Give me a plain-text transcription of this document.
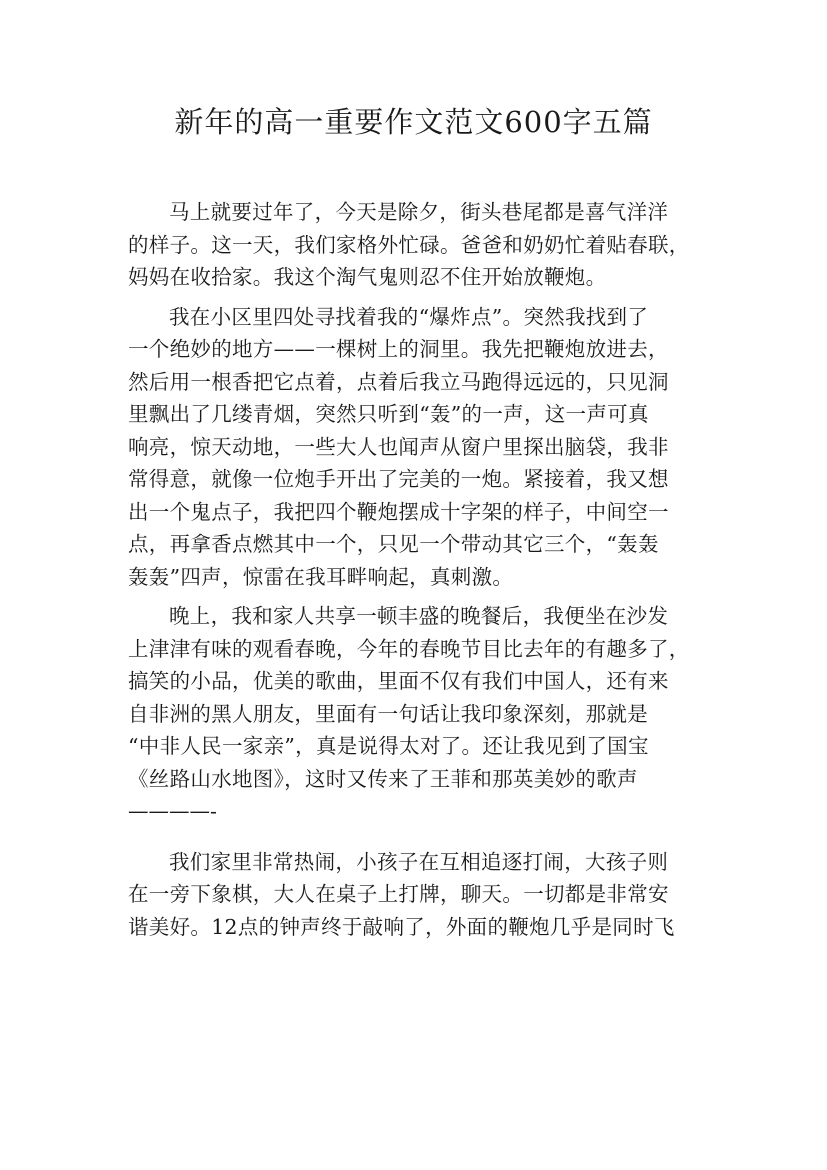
新年的高一重要作文范文600字五篇
马上就要过年了，今天是除夕，街头巷尾都是喜气洋洋
的样子。这一天，我们家格外忙碌。爸爸和奶奶忙着贴春联，
妈妈在收拾家。我这个淘气鬼则忍不住开始放鞭炮。
我在小区里四处寻找着我的“爆炸点”。突然我找到了
一个绝妙的地方——一棵树上的洞里。我先把鞭炮放进去，
然后用一根香把它点着，点着后我立马跑得远远的，只见洞
里飘出了几缕青烟，突然只听到“轰”的一声，这一声可真
响亮，惊天动地，一些大人也闻声从窗户里探出脑袋，我非
常得意，就像一位炮手开出了完美的一炮。紧接着，我又想
出一个鬼点子，我把四个鞭炮摆成十字架的样子，中间空一
点，再拿香点燃其中一个，只见一个带动其它三个，“轰轰
轰轰”四声，惊雷在我耳畔响起，真刺激。
晚上，我和家人共享一顿丰盛的晚餐后，我便坐在沙发
上津津有味的观看春晚，今年的春晚节目比去年的有趣多了，
搞笑的小品，优美的歌曲，里面不仅有我们中国人，还有来
自非洲的黑人朋友，里面有一句话让我印象深刻，那就是
“中非人民一家亲”，真是说得太对了。还让我见到了国宝
《丝路山水地图》，这时又传来了王菲和那英美妙的歌声
————-
我们家里非常热闹，小孩子在互相追逐打闹，大孩子则
在一旁下象棋，大人在桌子上打牌，聊天。一切都是非常安
谐美好。12点的钟声终于敲响了，外面的鞭炮几乎是同时飞
